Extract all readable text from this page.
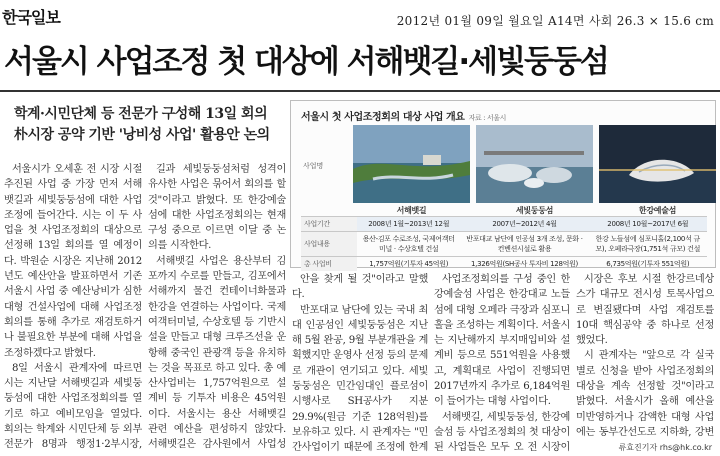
한국일보	2012년 01월 09일 월요일 A14면 사회 26.3 × 15.6 cm
서울시 사업조정 첫 대상에 서해뱃길·세빛둥둥섬
학계·시민단체 등 전문가 구성해 13일 회의
朴시장 공약 기반 '낭비성 사업' 활용안 논의
서울시 첫 사업조정회의 대상 사업 개요 자료 : 서울시
사업명
서해뱃길	세빛둥둥섬	한강예술섬
사업기간	2008년 1월~2013년 12월	2007년~2012년 4월	2008년 10월~2017년 6월
사업내용	용산-김포 수로조성, 국제여객터미널 · 수상호텔 건설	반포대교 남단에 인공섬 3개 조성, 문화 · 컨벤션시설로 활용	한강 노들섬에 심포니홀(2,100석 규모), 오페라극장(1,751석 규모) 건설
총 사업비	1,757억원(기투자 45억원)	1,326억원(SH공사 투자비 128억원)	6,735억원(기투자 551억원)

서울시가 오세훈 전 시장 시절 추진된 사업 중 가장 먼저 서해뱃길과 세빛둥둥섬에 대한 사업조정에 들어간다. 시는 이 두 사업을 첫 사업조정회의 대상으로 선정해 13일 회의를 열 예정이다. 박원순 시장은 지난해 2012년도 예산안을 발표하면서 기존 서울시 사업 중 예산낭비가 심한 대형 건설사업에 대해 사업조정회의를 통해 추가로 재검토하거나 불필요한 부분에 대해 사업을 조정하겠다고 밝혔다.

8일 서울시 관계자에 따르면 시는 지난달 서해뱃길과 세빛둥둥섬에 대한 사업조정회의를 열기로 하고 예비모임을 열었다. 회의는 학계와 시민단체 등 외부 전문가 8명과 행정1·2부시장,

길과 세빛둥둥섬처럼 성격이 유사한 사업은 묶어서 회의를 할 것"이라고 밝혔다. 또 한강예술섬에 대한 사업조정회의는 현재 구성 중으로 이르면 이달 중 논의를 시작한다.

서해뱃길 사업은 용산부터 김포까지 수로를 만들고, 김포에서 서해까지 물건 컨테이너화물과 한강을 연결하는 사업이다. 국제여객터미널, 수상호텔 등 기반시설을 만들고 대형 크루즈선을 운항해 중국인 관광객 등을 유치하는 것을 목표로 하고 있다. 총 예산사업비는 1,757억원으로 설계비 등 기투자 비용은 45억원이다. 서울시는 용산 서해뱃길 관련 예산을 편성하지 않았다. 서해뱃길은 감사원에서 사업성

안을 찾게 될 것"이라고 말했다.

반포대교 남단에 있는 국내 최대 인공섬인 세빛둥둥섬은 지난해 5월 완공, 9월 부분개관을 계획했지만 운영사 선정 등의 문제로 개관이 연기되고 있다. 세빛둥둥섬은 민간임대인 플로섬이 시행사로 SH공사가 지분 29.9%(원금 기준 128억원)를 보유하고 있다. 시 관계자는 "민간사업이기 때문에 조정에 한계

사업조정회의를 구성 중인 한강예술섬 사업은 한강대교 노들섬에 대형 오페라 극장과 심포니홀을 조성하는 계획이다. 서울시는 지난해까지 부지매입비와 설계비 등으로 551억원을 사용했고, 계획대로 사업이 진행되면 2017년까지 추가로 6,184억원이 들어가는 대형 사업이다.

서해뱃길, 세빛둥둥섬, 한강예술섬 등 사업조정회의 첫 대상이 된 사업들은 모두 오 전 시장이

시장은 후보 시절 한강르네상스가 대규모 전시성 토목사업으로 변질됐다며 사업 재검토를 10대 핵심공약 중 하나로 선정했었다.

시 관계자는 "앞으로 각 실국별로 신청을 받아 사업조정회의 대상을 계속 선정할 것"이라고 밝혔다. 서울시가 올해 예산을 미반영하거나 감액한 대형 사업에는 동부간선도로 지하화, 강변

류효진기자 rhs@hk.co.kr
